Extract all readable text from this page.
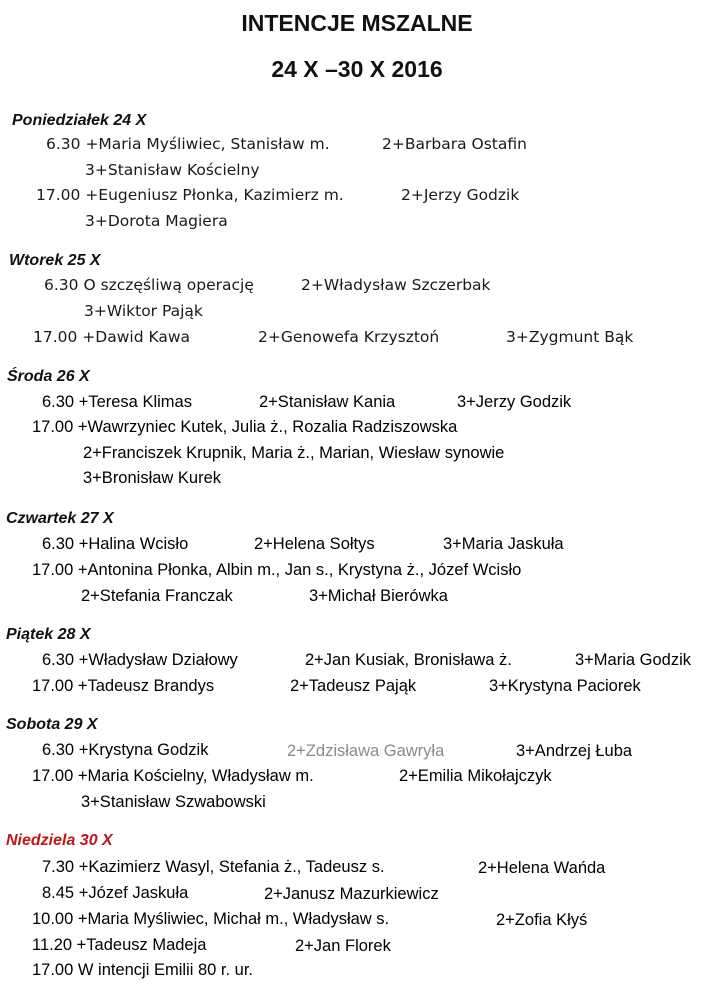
INTENCJE MSZALNE
24 X –30 X 2016
Poniedziałek 24 X
6.30 +Maria Myśliwiec, Stanisław m.	2+Barbara Ostafin
3+Stanisław Kościelny
17.00 +Eugeniusz Płonka, Kazimierz m.	2+Jerzy Godzik
3+Dorota Magiera
Wtorek 25 X
6.30 O szczęśliwą operację	2+Władysław Szczerbak
3+Wiktor Pająk
17.00 +Dawid Kawa	2+Genowefa Krzysztoń	3+Zygmunt Bąk
Środa 26 X
6.30 +Teresa Klimas	2+Stanisław Kania	3+Jerzy Godzik
17.00 +Wawrzyniec Kutek, Julia ż., Rozalia Radziszowska
2+Franciszek Krupnik, Maria ż., Marian, Wiesław synowie
3+Bronisław Kurek
Czwartek 27 X
6.30 +Halina Wcisło	2+Helena Sołtys	3+Maria Jaskuła
17.00 +Antonina Płonka, Albin m., Jan s., Krystyna ż., Józef Wcisło
2+Stefania Franczak	3+Michał Bierówka
Piątek 28 X
6.30 +Władysław Działowy	2+Jan Kusiak, Bronisława ż.	3+Maria Godzik
17.00 +Tadeusz Brandys	2+Tadeusz Pająk	3+Krystyna Paciorek
Sobota 29 X
6.30 +Krystyna Godzik	2+Zdzisława Gawryła	3+Andrzej Łuba
17.00 +Maria Kościelny, Władysław m.	2+Emilia Mikołajczyk
3+Stanisław Szwabowski
Niedziela 30 X
7.30 +Kazimierz Wasyl, Stefania ż., Tadeusz s.	2+Helena Wańda
8.45 +Józef Jaskuła	2+Janusz Mazurkiewicz
10.00 +Maria Myśliwiec, Michał m., Władysław s.	2+Zofia Kłyś
11.20 +Tadeusz Madeja	2+Jan Florek
17.00 W intencji Emilii 80 r. ur.
